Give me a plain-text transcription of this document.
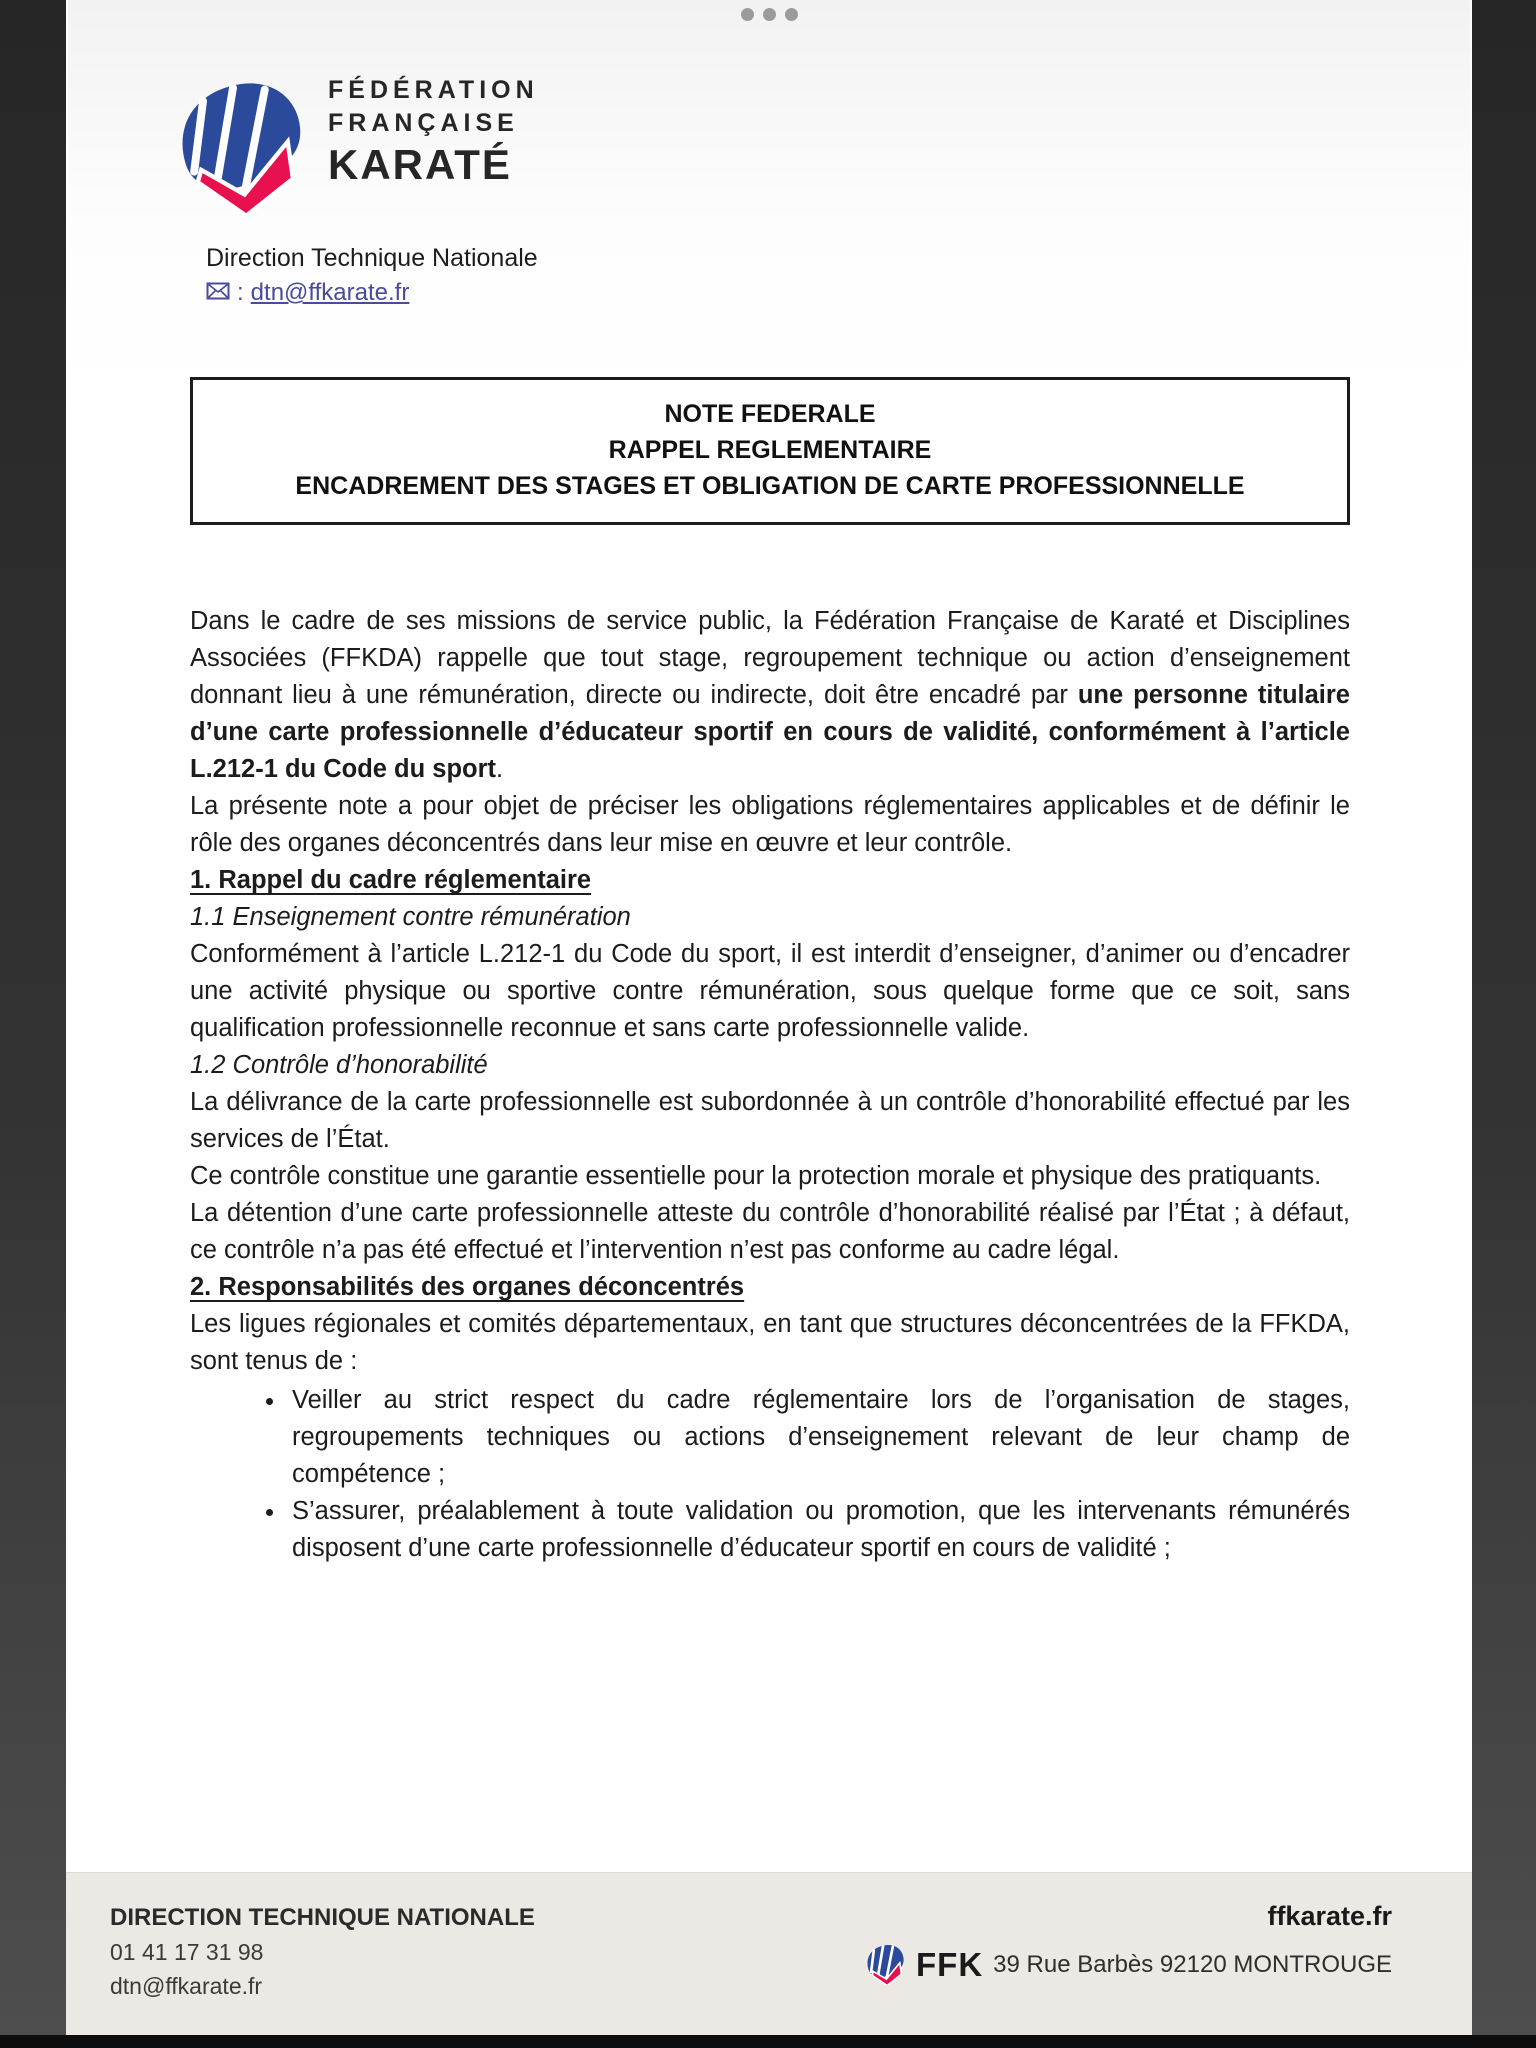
FÉDÉRATION
FRANÇAISE
KARATÉ
Direction Technique Nationale
: dtn@ffkarate.fr
NOTE FEDERALE
RAPPEL REGLEMENTAIRE
ENCADREMENT DES STAGES ET OBLIGATION DE CARTE PROFESSIONNELLE

Dans le cadre de ses missions de service public, la Fédération Française de Karaté et Disciplines Associées (FFKDA) rappelle que tout stage, regroupement technique ou action d’enseignement donnant lieu à une rémunération, directe ou indirecte, doit être encadré par une personne titulaire d’une carte professionnelle d’éducateur sportif en cours de validité, conformément à l’article L.212-1 du Code du sport.

La présente note a pour objet de préciser les obligations réglementaires applicables et de définir le rôle des organes déconcentrés dans leur mise en œuvre et leur contrôle.

1. Rappel du cadre réglementaire

1.1 Enseignement contre rémunération

Conformément à l’article L.212-1 du Code du sport, il est interdit d’enseigner, d’animer ou d’encadrer une activité physique ou sportive contre rémunération, sous quelque forme que ce soit, sans qualification professionnelle reconnue et sans carte professionnelle valide.

1.2 Contrôle d’honorabilité

La délivrance de la carte professionnelle est subordonnée à un contrôle d’honorabilité effectué par les services de l’État.

Ce contrôle constitue une garantie essentielle pour la protection morale et physique des pratiquants.

La détention d’une carte professionnelle atteste du contrôle d’honorabilité réalisé par l’État ; à défaut, ce contrôle n’a pas été effectué et l’intervention n’est pas conforme au cadre légal.

2. Responsabilités des organes déconcentrés

Les ligues régionales et comités départementaux, en tant que structures déconcentrées de la FFKDA, sont tenus de :

• Veiller au strict respect du cadre réglementaire lors de l’organisation de stages, regroupements techniques ou actions d’enseignement relevant de leur champ de compétence ;
• S’assurer, préalablement à toute validation ou promotion, que les intervenants rémunérés disposent d’une carte professionnelle d’éducateur sportif en cours de validité ;
DIRECTION TECHNIQUE NATIONALE
01 41 17 31 98
dtn@ffkarate.fr
ffkarate.fr
FFK 39 Rue Barbès 92120 MONTROUGE
